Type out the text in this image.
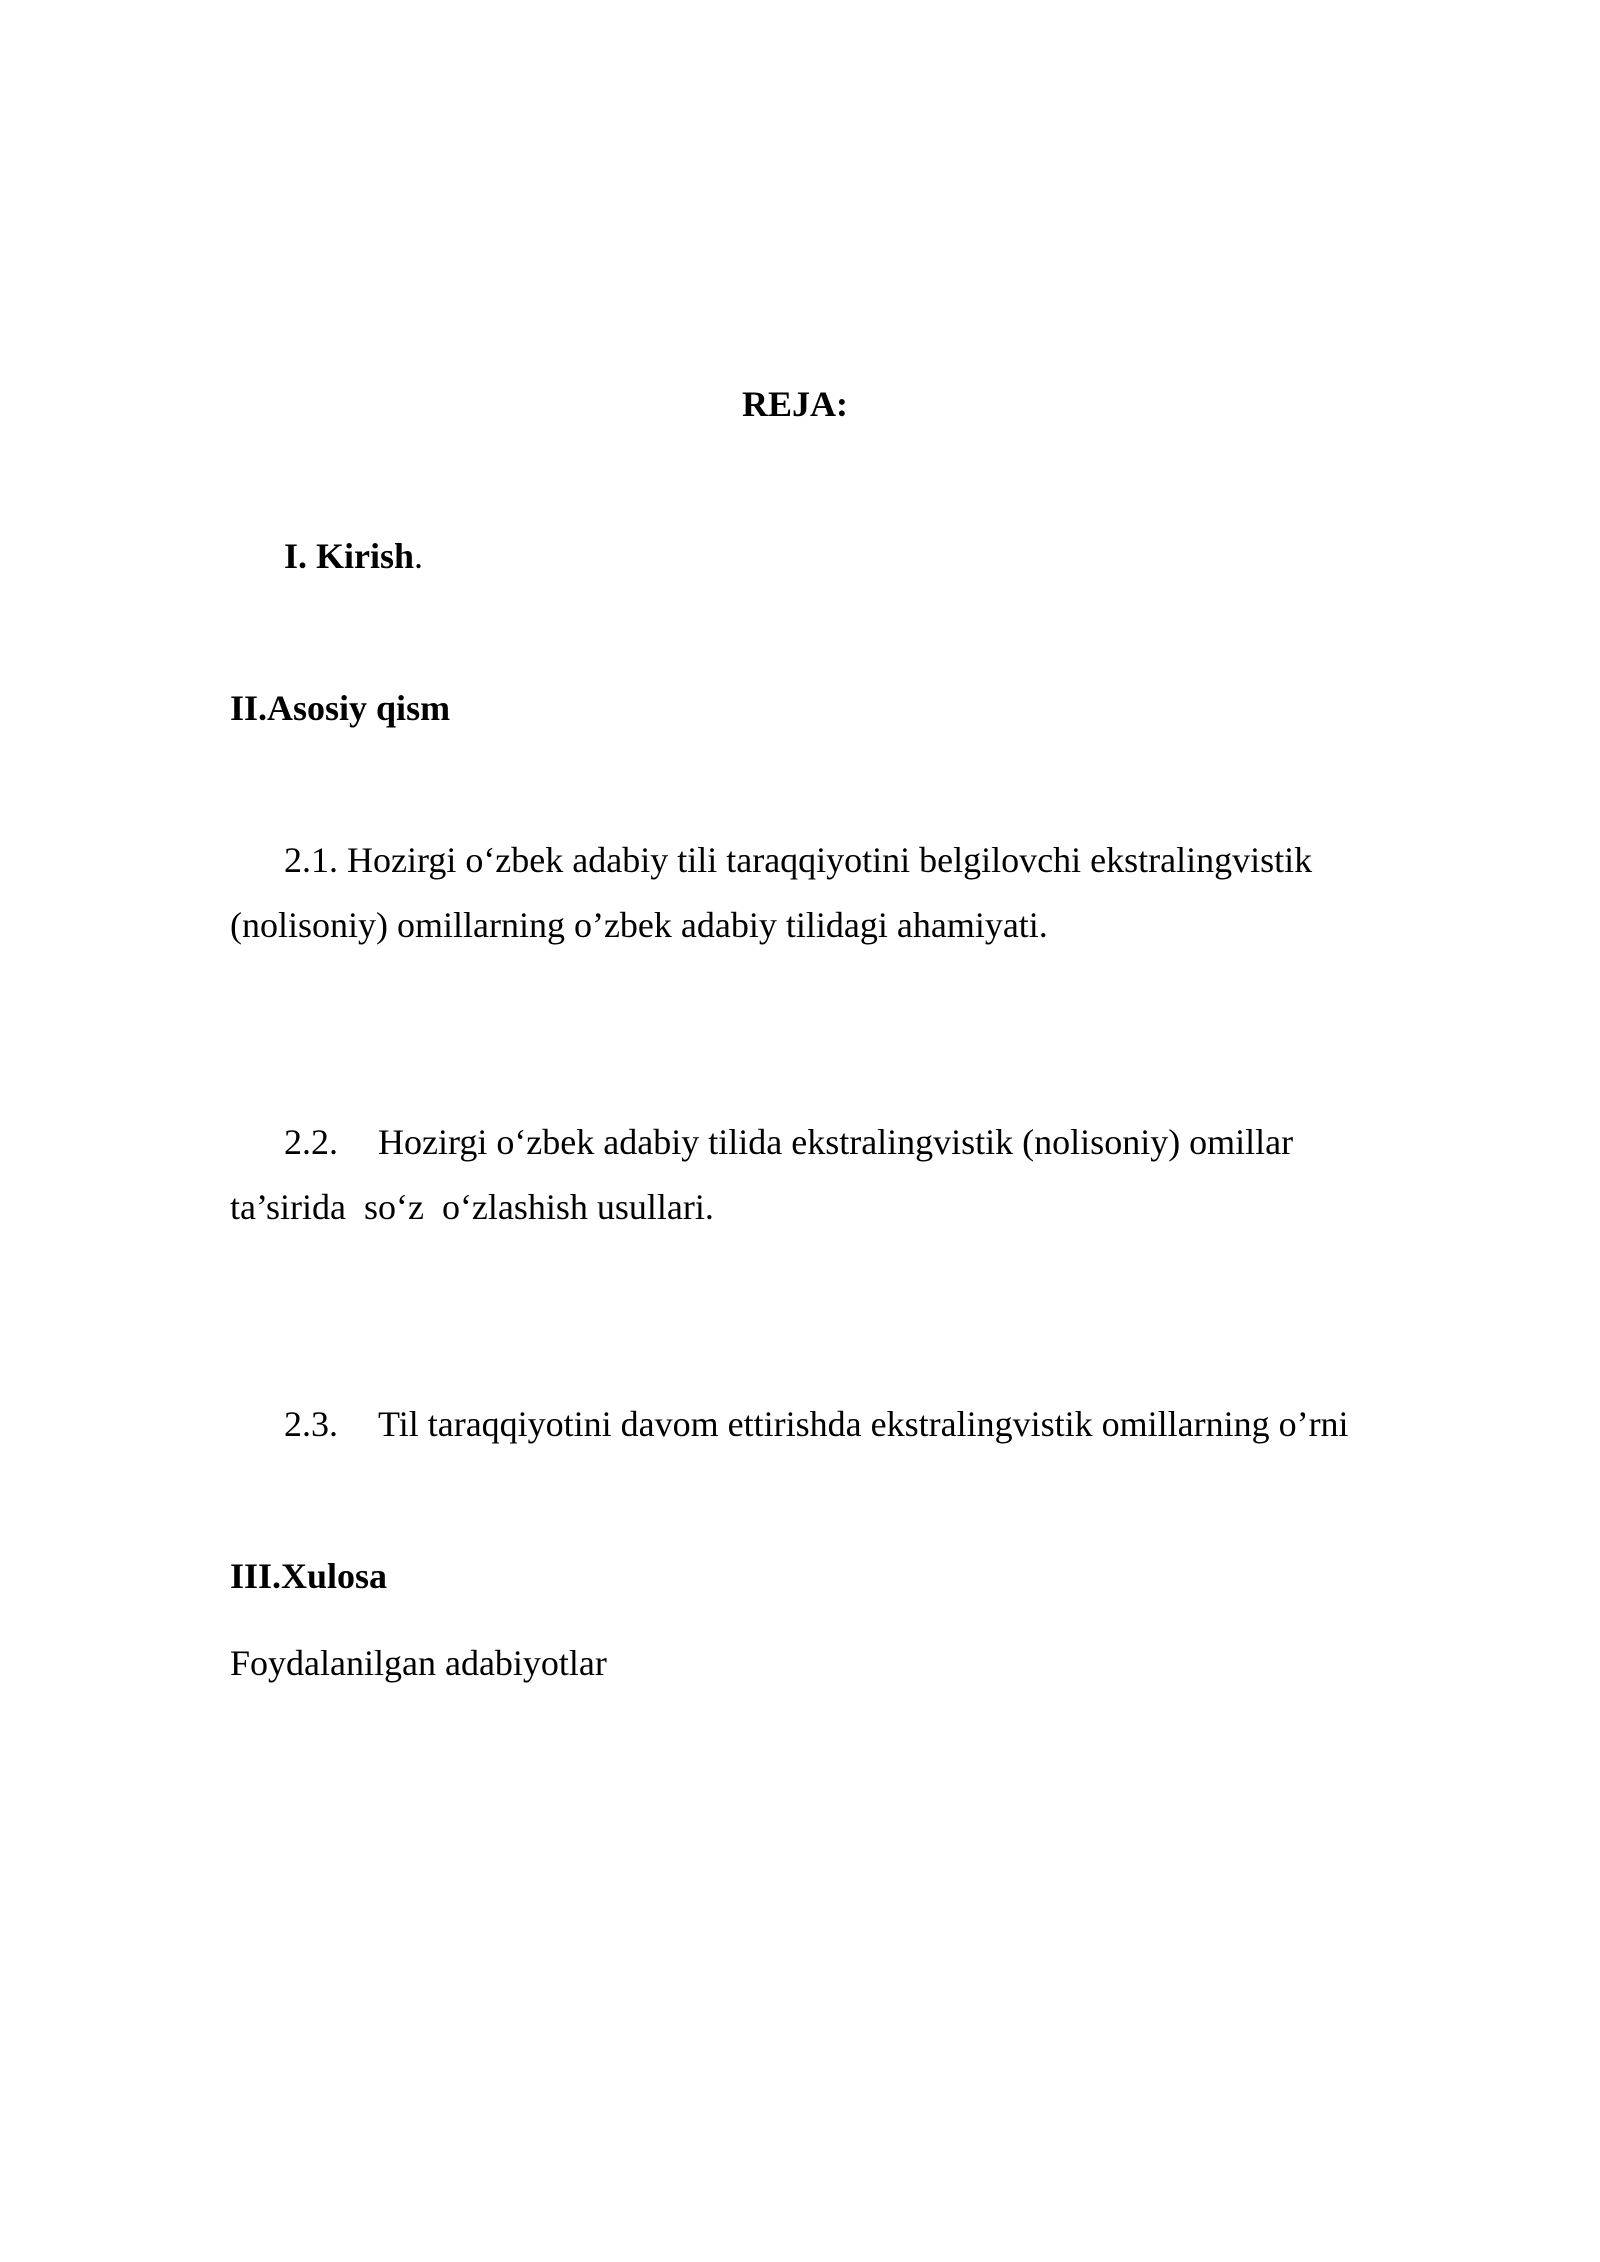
REJA:

I. Kirish.

II.Asosiy qism

2.1. Hozirgi o‘zbek adabiy tili taraqqiyotini belgilovchi ekstralingvistik (nolisoniy) omillarning o’zbek adabiy tilidagi ahamiyati.

2.2. Hozirgi o‘zbek adabiy tilida ekstralingvistik (nolisoniy) omillar ta’sirida  so‘z  o‘zlashish usullari.

2.3. Til taraqqiyotini davom ettirishda ekstralingvistik omillarning o’rni

III.Xulosa
Foydalanilgan adabiyotlar
